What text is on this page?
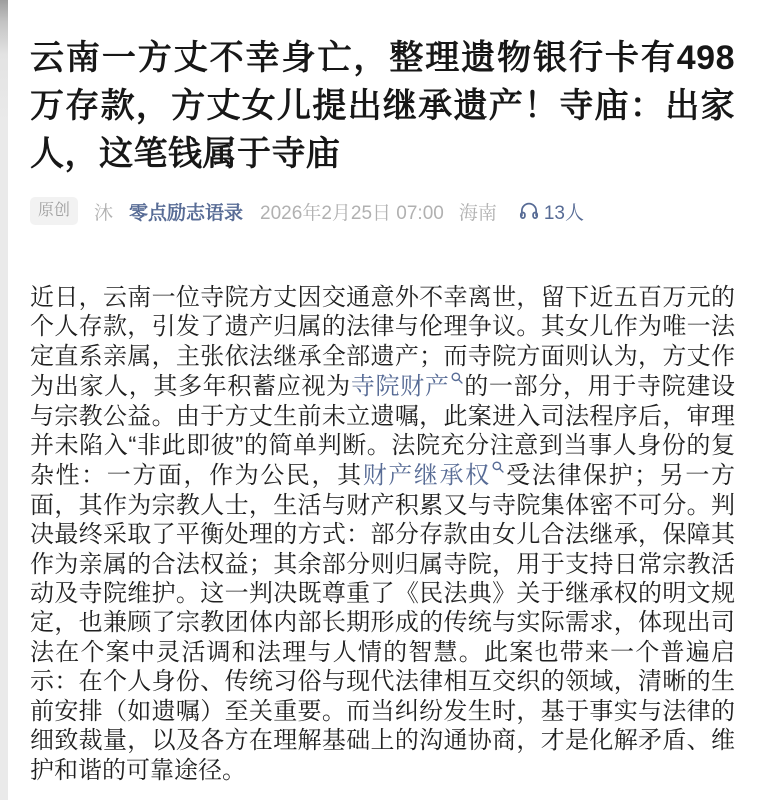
云南一方丈不幸身亡，整理遗物银行卡有498万存款，方丈女儿提出继承遗产！寺庙：出家人，这笔钱属于寺庙
原创	沐 零点励志语录 2026年2月25日 07:00 海南 13人

近日，云南一位寺院方丈因交通意外不幸离世，留下近五百万元的个人存款，引发了遗产归属的法律与伦理争议。其女儿作为唯一法定直系亲属，主张依法继承全部遗产；而寺院方面则认为，方丈作为出家人，其多年积蓄应视为寺院财产 的一部分，用于寺院建设与宗教公益。由于方丈生前未立遗嘱，此案进入司法程序后，审理并未陷入“非此即彼”的简单判断。法院充分注意到当事人身份的复杂性：一方面，作为公民，其财产继承权 受法律保护；另一方面，其作为宗教人士，生活与财产积累又与寺院集体密不可分。判决最终采取了平衡处理的方式：部分存款由女儿合法继承，保障其作为亲属的合法权益；其余部分则归属寺院，用于支持日常宗教活动及寺院维护。这一判决既尊重了《民法典》关于继承权的明文规定，也兼顾了宗教团体内部长期形成的传统与实际需求，体现出司法在个案中灵活调和法理与人情的智慧。此案也带来一个普遍启示：在个人身份、传统习俗与现代法律相互交织的领域，清晰的生前安排（如遗嘱）至关重要。而当纠纷发生时，基于事实与法律的细致裁量，以及各方在理解基础上的沟通协商，才是化解矛盾、维护和谐的可靠途径。
